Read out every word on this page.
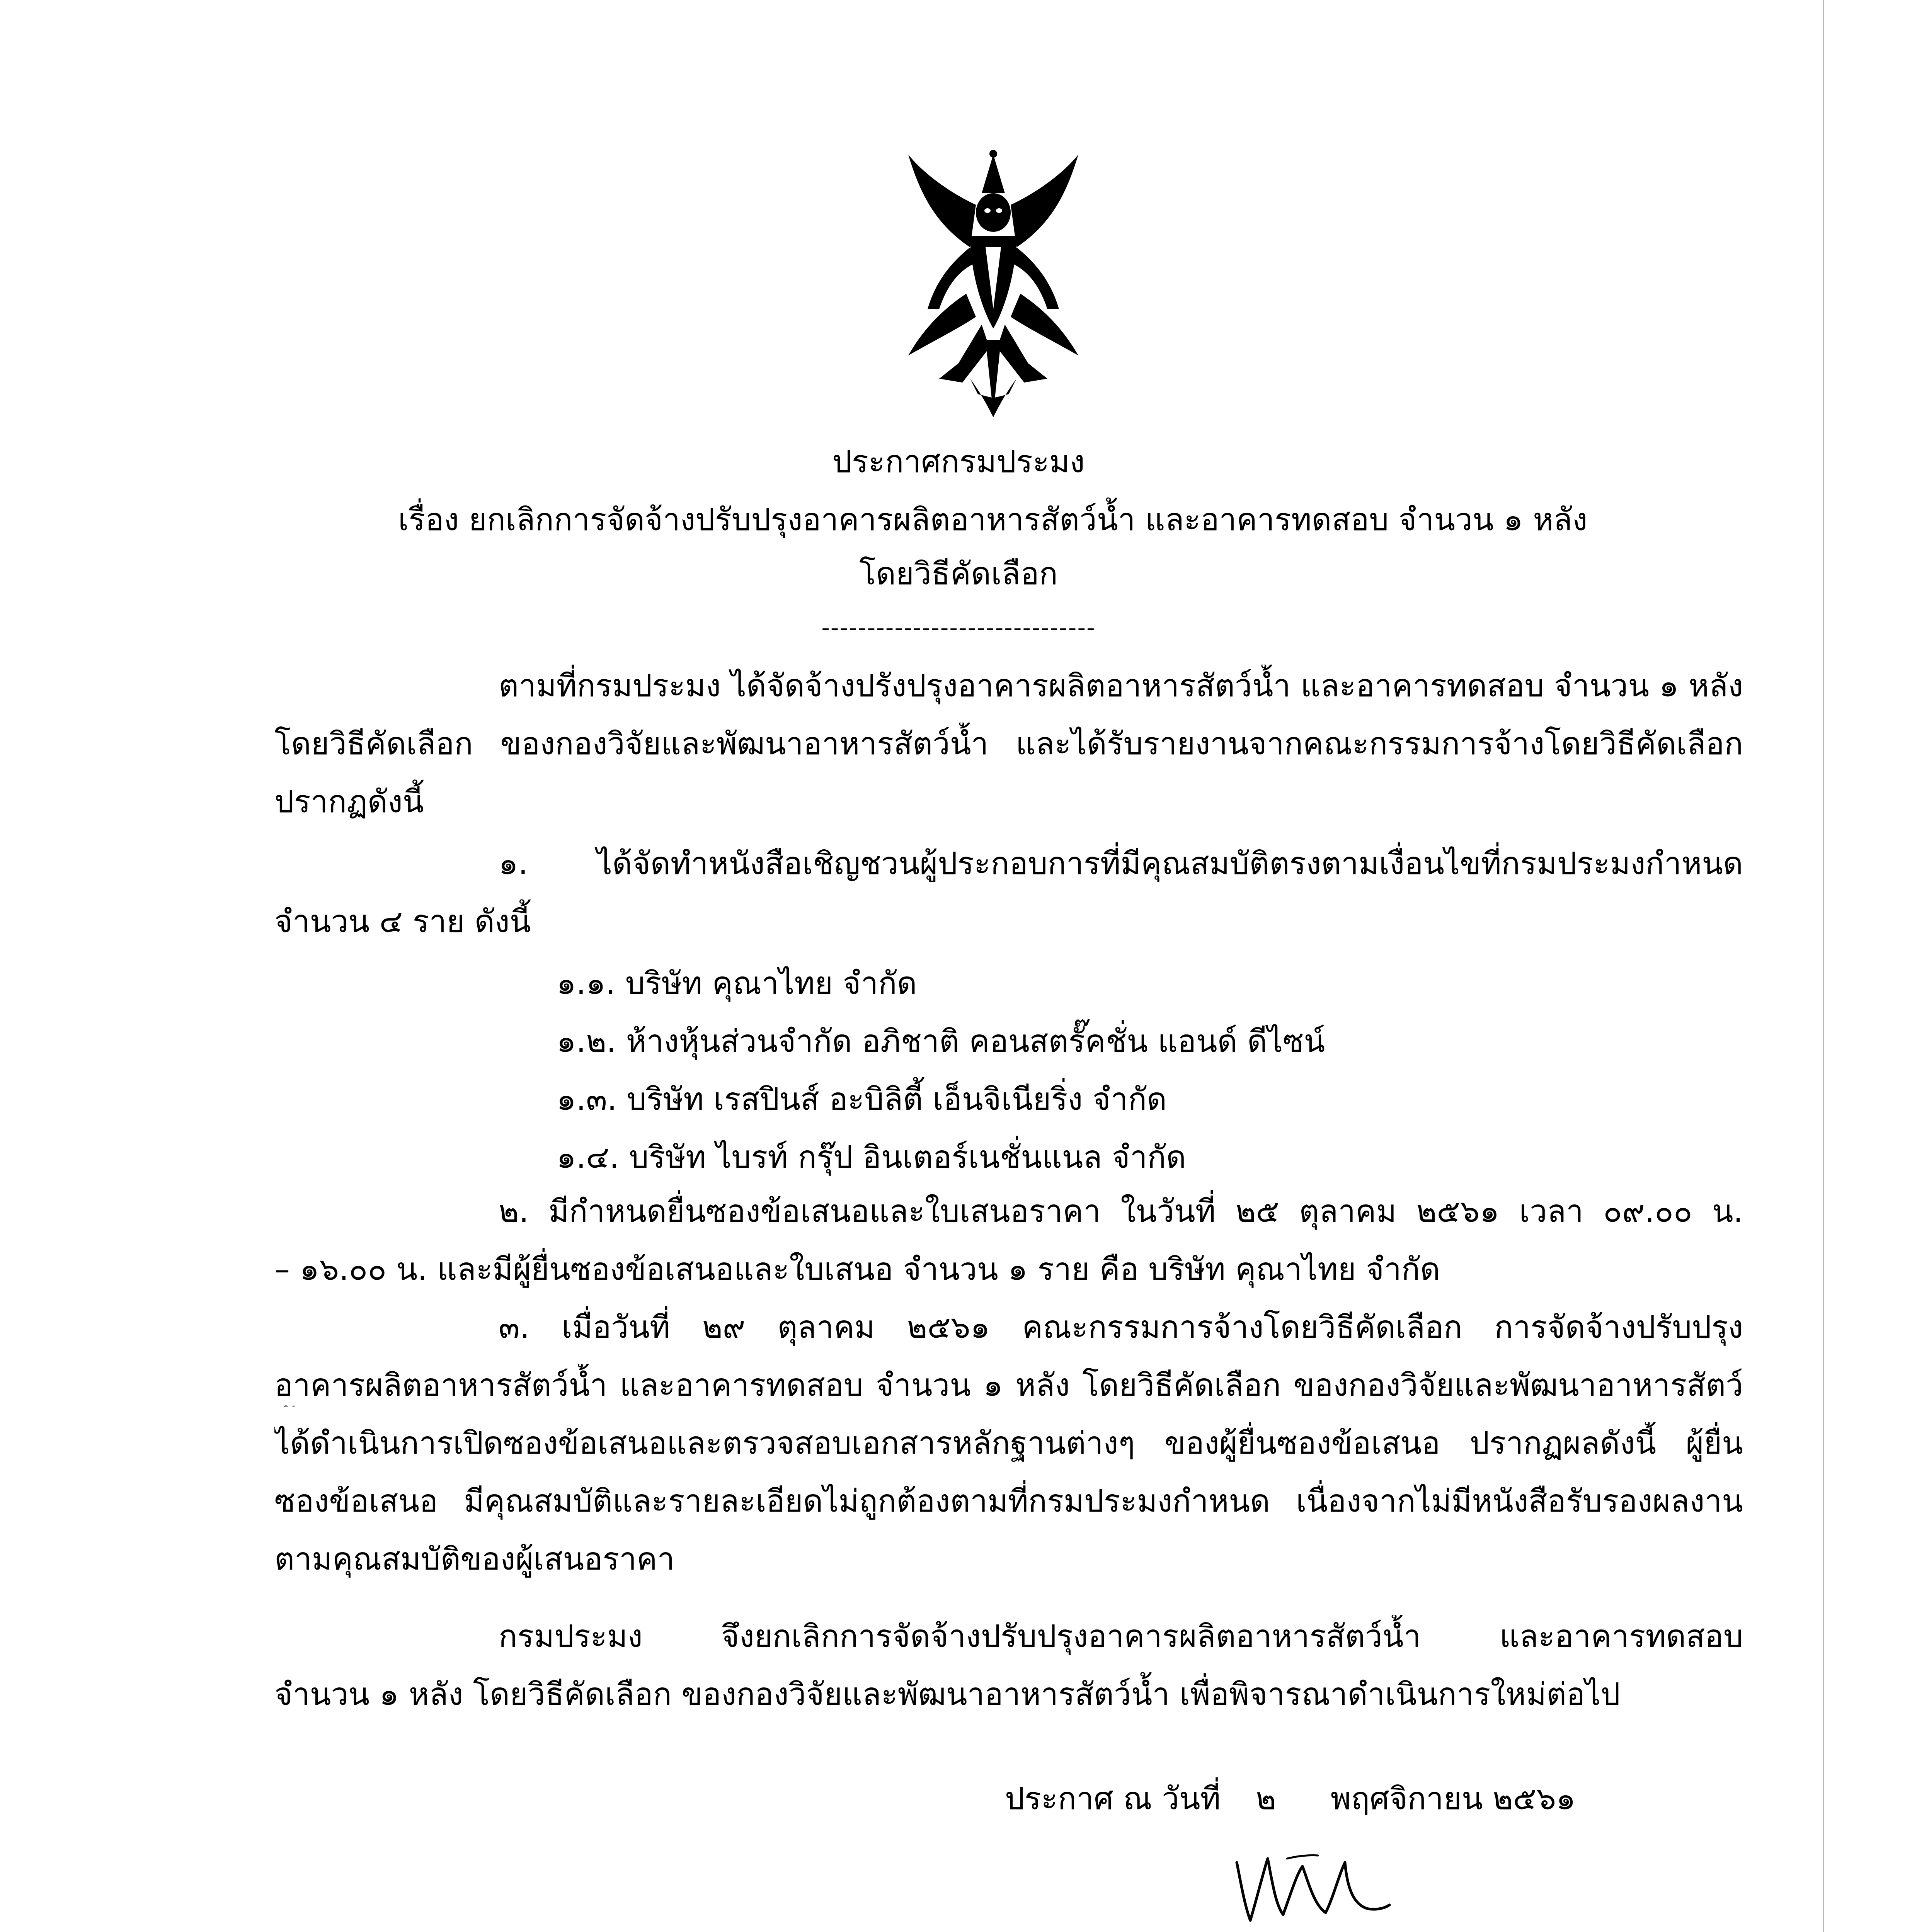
ประกาศกรมประมง
เรื่อง ยกเลิกการจัดจ้างปรับปรุงอาคารผลิตอาหารสัตว์น้ำ และอาคารทดสอบ จำนวน ๑ หลัง
โดยวิธีคัดเลือก
------------------------------
ตามที่กรมประมง ได้จัดจ้างปรังปรุงอาคารผลิตอาหารสัตว์น้ำ และอาคารทดสอบ จำนวน ๑ หลัง
โดยวิธีคัดเลือก ของกองวิจัยและพัฒนาอาหารสัตว์น้ำ และได้รับรายงานจากคณะกรรมการจ้างโดยวิธีคัดเลือก
ปรากฏดังนี้
๑. ได้จัดทำหนังสือเชิญชวนผู้ประกอบการที่มีคุณสมบัติตรงตามเงื่อนไขที่กรมประมงกำหนด
จำนวน ๔ ราย ดังนี้
๑.๑. บริษัท คุณาไทย จำกัด
๑.๒. ห้างหุ้นส่วนจำกัด อภิชาติ คอนสตรั๊คชั่น แอนด์ ดีไซน์
๑.๓. บริษัท เรสปินส์ อะบิลิตี้ เอ็นจิเนียริ่ง จำกัด
๑.๔. บริษัท ไบรท์ กรุ๊ป อินเตอร์เนชั่นแนล จำกัด
๒. มีกำหนดยื่นซองข้อเสนอและใบเสนอราคา ในวันที่ ๒๕ ตุลาคม ๒๕๖๑ เวลา ๐๙.๐๐ น.
– ๑๖.๐๐ น. และมีผู้ยื่นซองข้อเสนอและใบเสนอ จำนวน ๑ ราย คือ บริษัท คุณาไทย จำกัด
๓. เมื่อวันที่ ๒๙ ตุลาคม ๒๕๖๑ คณะกรรมการจ้างโดยวิธีคัดเลือก การจัดจ้างปรับปรุง
อาคารผลิตอาหารสัตว์น้ำ และอาคารทดสอบ จำนวน ๑ หลัง โดยวิธีคัดเลือก ของกองวิจัยและพัฒนาอาหารสัตว์
ได้ดำเนินการเปิดซองข้อเสนอและตรวจสอบเอกสารหลักฐานต่างๆ ของผู้ยื่นซองข้อเสนอ ปรากฏผลดังนี้ ผู้ยื่น
ซองข้อเสนอ มีคุณสมบัติและรายละเอียดไม่ถูกต้องตามที่กรมประมงกำหนด เนื่องจากไม่มีหนังสือรับรองผลงาน
ตามคุณสมบัติของผู้เสนอราคา
กรมประมง จึงยกเลิกการจัดจ้างปรับปรุงอาคารผลิตอาหารสัตว์น้ำ และอาคารทดสอบ
จำนวน ๑ หลัง โดยวิธีคัดเลือก ของกองวิจัยและพัฒนาอาหารสัตว์น้ำ เพื่อพิจารณาดำเนินการใหม่ต่อไป
ประกาศ ณ วันที่ ๒ พฤศจิกายน ๒๕๖๑
